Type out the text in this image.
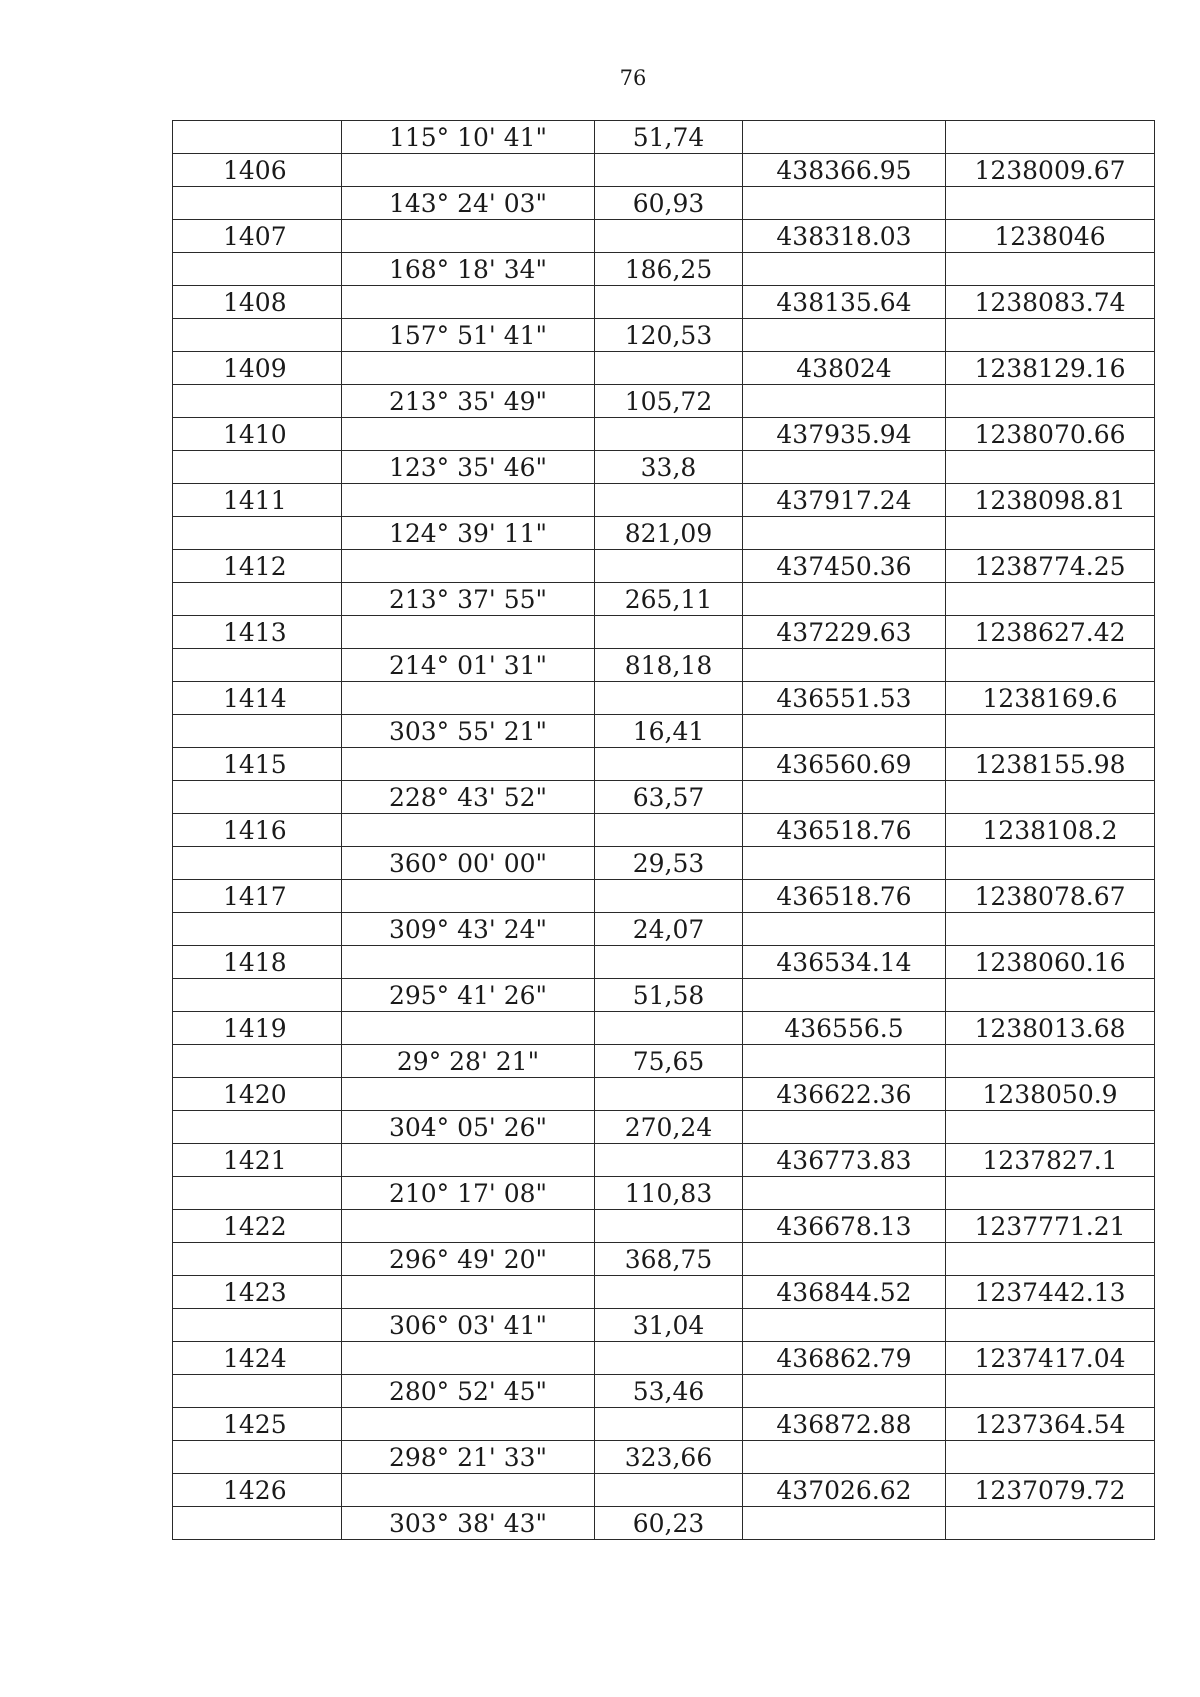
76
	115° 10' 41"	51,74		
1406			438366.95	1238009.67
	143° 24' 03"	60,93		
1407			438318.03	1238046
	168° 18' 34"	186,25		
1408			438135.64	1238083.74
	157° 51' 41"	120,53		
1409			438024	1238129.16
	213° 35' 49"	105,72		
1410			437935.94	1238070.66
	123° 35' 46"	33,8		
1411			437917.24	1238098.81
	124° 39' 11"	821,09		
1412			437450.36	1238774.25
	213° 37' 55"	265,11		
1413			437229.63	1238627.42
	214° 01' 31"	818,18		
1414			436551.53	1238169.6
	303° 55' 21"	16,41		
1415			436560.69	1238155.98
	228° 43' 52"	63,57		
1416			436518.76	1238108.2
	360° 00' 00"	29,53		
1417			436518.76	1238078.67
	309° 43' 24"	24,07		
1418			436534.14	1238060.16
	295° 41' 26"	51,58		
1419			436556.5	1238013.68
	29° 28' 21"	75,65		
1420			436622.36	1238050.9
	304° 05' 26"	270,24		
1421			436773.83	1237827.1
	210° 17' 08"	110,83		
1422			436678.13	1237771.21
	296° 49' 20"	368,75		
1423			436844.52	1237442.13
	306° 03' 41"	31,04		
1424			436862.79	1237417.04
	280° 52' 45"	53,46		
1425			436872.88	1237364.54
	298° 21' 33"	323,66		
1426			437026.62	1237079.72
	303° 38' 43"	60,23		
